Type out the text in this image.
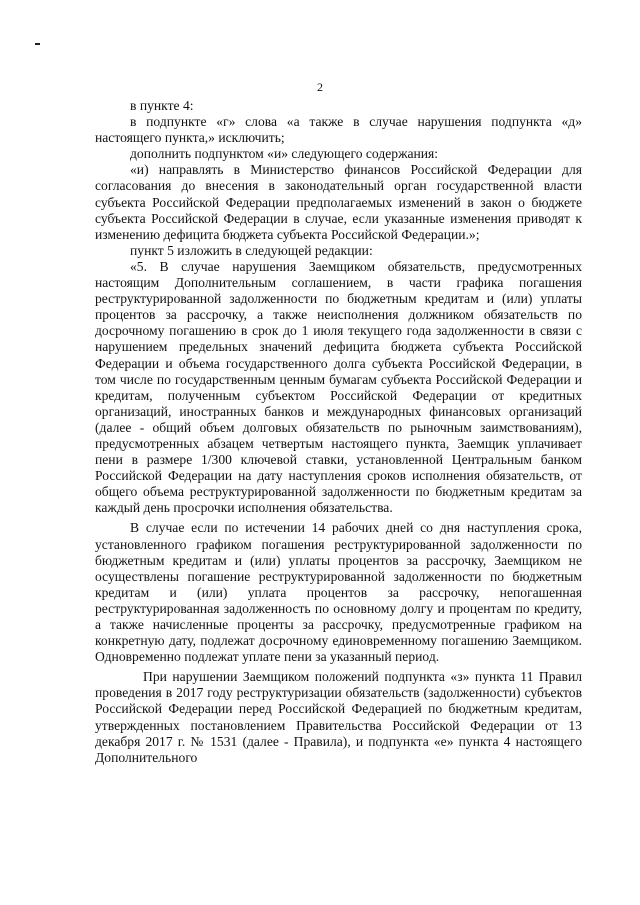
2

в пункте 4:

в подпункте «г» слова «а также в случае нарушения подпункта «д» настоящего пункта,» исключить;

дополнить подпунктом «и» следующего содержания:

«и) направлять в Министерство финансов Российской Федерации для согласования до внесения в законодательный орган государственной власти субъекта Российской Федерации предполагаемых изменений в закон о бюджете субъекта Российской Федерации в случае, если указанные изменения приводят к изменению дефицита бюджета субъекта Российской Федерации.»;

пункт 5 изложить в следующей редакции:

«5. В случае нарушения Заемщиком обязательств, предусмотренных настоящим Дополнительным соглашением, в части графика погашения реструктурированной задолженности по бюджетным кредитам и (или) уплаты процентов за рассрочку, а также неисполнения должником обязательств по досрочному погашению в срок до 1 июля текущего года задолженности в связи с нарушением предельных значений дефицита бюджета субъекта Российской Федерации и объема государственного долга субъекта Российской Федерации, в том числе по государственным ценным бумагам субъекта Российской Федерации и кредитам, полученным субъектом Российской Федерации от кредитных организаций, иностранных банков и международных финансовых организаций (далее - общий объем долговых обязательств по рыночным заимствованиям), предусмотренных абзацем четвертым настоящего пункта, Заемщик уплачивает пени в размере 1/300 ключевой ставки, установленной Центральным банком Российской Федерации на дату наступления сроков исполнения обязательств, от общего объема реструктурированной задолженности по бюджетным кредитам за каждый день просрочки исполнения обязательства.

В случае если по истечении 14 рабочих дней со дня наступления срока, установленного графиком погашения реструктурированной задолженности по бюджетным кредитам и (или) уплаты процентов за рассрочку, Заемщиком не осуществлены погашение реструктурированной задолженности по бюджетным кредитам и (или) уплата процентов за рассрочку, непогашенная реструктурированная задолженность по основному долгу и процентам по кредиту, а также начисленные проценты за рассрочку, предусмотренные графиком на конкретную дату, подлежат досрочному единовременному погашению Заемщиком. Одновременно подлежат уплате пени за указанный период.

При нарушении Заемщиком положений подпункта «з» пункта 11 Правил проведения в 2017 году реструктуризации обязательств (задолженности) субъектов Российской Федерации перед Российской Федерацией по бюджетным кредитам, утвержденных постановлением Правительства Российской Федерации от 13 декабря 2017 г. № 1531 (далее - Правила), и подпункта «е» пункта 4 настоящего Дополнительного
